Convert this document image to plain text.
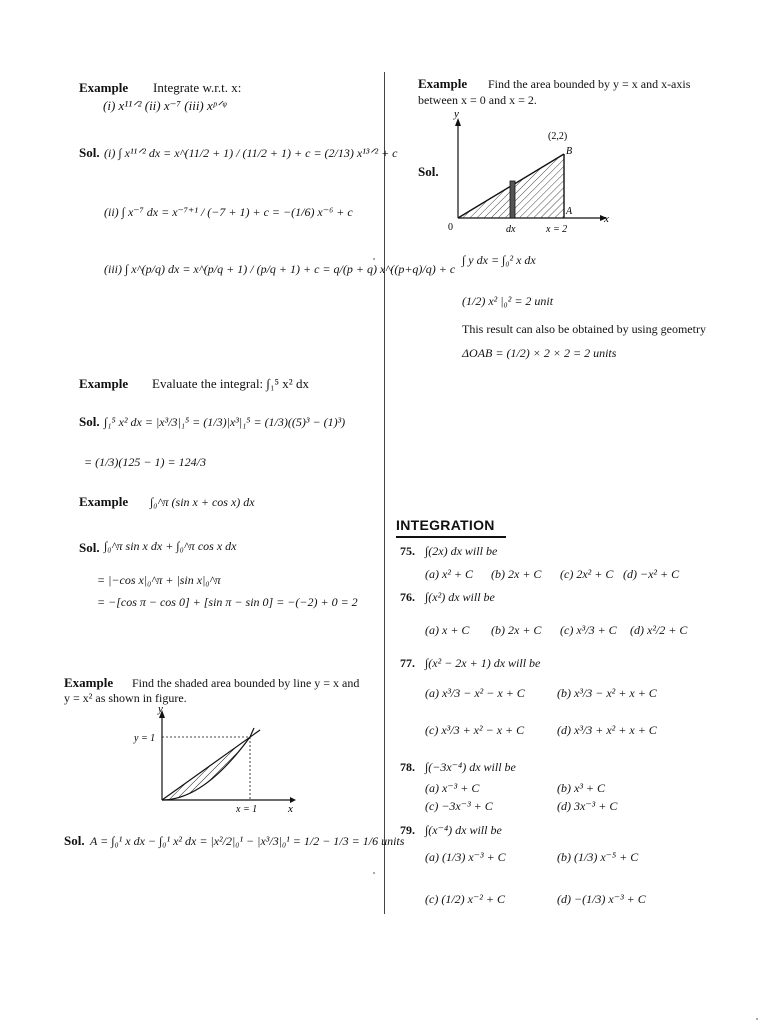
Example Integrate w.r.t. x:
(i) x¹¹ᐟ² (ii) x⁻⁷ (iii) xᵖᐟᵠ
Sol. (i) ∫ x¹¹ᐟ² dx = x^(11/2 + 1) / (11/2 + 1) + c = (2/13) x¹³ᐟ² + c
(ii) ∫ x⁻⁷ dx = x⁻⁷⁺¹ / (−7 + 1) + c = −(1/6) x⁻⁶ + c
(iii) ∫ x^(p/q) dx = x^(p/q + 1) / (p/q + 1) + c = q/(p + q) x^((p+q)/q) + c
Example Evaluate the integral: ∫₁⁵ x² dx
Sol. ∫₁⁵ x² dx = |x³/3|₁⁵ = (1/3)|x³|₁⁵ = (1/3)((5)³ − (1)³)
= (1/3)(125 − 1) = 124/3
Example ∫₀^π (sin x + cos x) dx
Sol. ∫₀^π sin x dx + ∫₀^π cos x dx
= |−cos x|₀^π + |sin x|₀^π
= −[cos π − cos 0] + [sin π − sin 0] = −(−2) + 0 = 2
Example Find the shaded area bounded by line y = x and
y = x² as shown in figure.
y
x
y = 1
x = 1
Sol. A = ∫₀¹ x dx − ∫₀¹ x² dx = |x²/2|₀¹ − |x³/3|₀¹ = 1/2 − 1/3 = 1/6 units
Example Find the area bounded by y = x and x-axis
between x = 0 and x = 2.
Sol.
y
x
(2,2)
B
A
0	dx	x = 2
∫ y dx = ∫₀² x dx
(1/2) x² |₀² = 2 unit
This result can also be obtained by using geometry
ΔOAB = (1/2) × 2 × 2 = 2 units
INTEGRATION
75. ∫(2x) dx will be
(a) x² + C (b) 2x + C (c) 2x² + C (d) −x² + C
76. ∫(x²) dx will be
(a) x + C (b) 2x + C (c) x³/3 + C (d) x²/2 + C
77. ∫(x² − 2x + 1) dx will be
(a) x³/3 − x² − x + C	(b) x³/3 − x² + x + C
(c) x³/3 + x² − x + C	(d) x³/3 + x² + x + C
78. ∫(−3x⁻⁴) dx will be
(a) x⁻³ + C	(b) x³ + C
(c) −3x⁻³ + C	(d) 3x⁻³ + C
79. ∫(x⁻⁴) dx will be
(a) (1/3) x⁻³ + C	(b) (1/3) x⁻⁵ + C
(c) (1/2) x⁻² + C	(d) −(1/3) x⁻³ + C
